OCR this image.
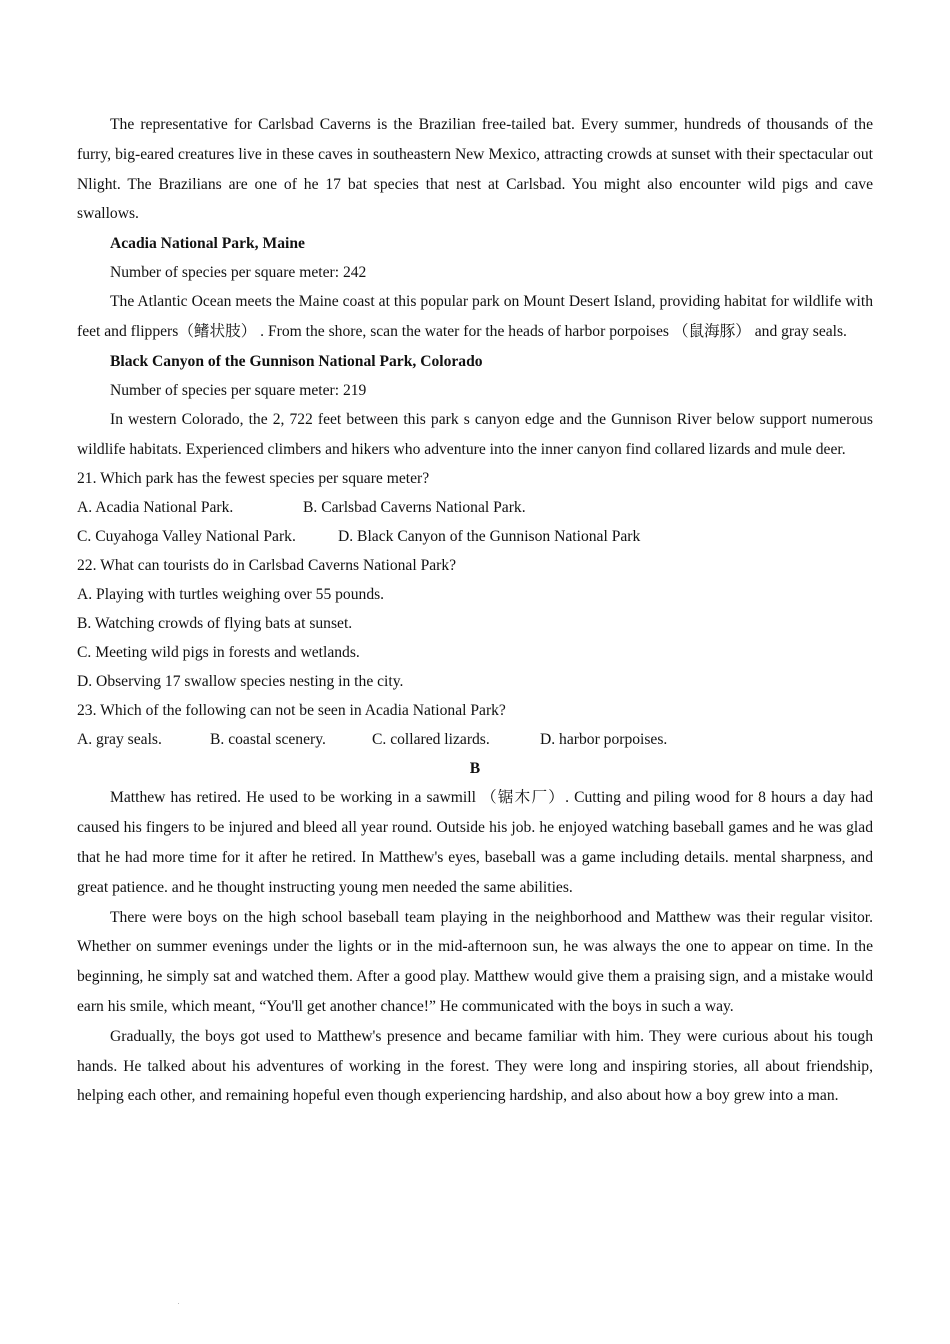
The representative for Carlsbad Caverns is the Brazilian free-tailed bat. Every summer, hundreds of thousands of the furry, big-eared creatures live in these caves in southeastern New Mexico, attracting crowds at sunset with their spectacular out Nlight. The Brazilians are one of he 17 bat species that nest at Carlsbad. You might also encounter wild pigs and cave swallows.

Acadia National Park, Maine

Number of species per square meter: 242

The Atlantic Ocean meets the Maine coast at this popular park on Mount Desert Island, providing habitat for wildlife with feet and flippers（鳍状肢） . From the shore, scan the water for the heads of harbor porpoises （鼠海豚） and gray seals.

Black Canyon of the Gunnison National Park, Colorado

Number of species per square meter: 219

In western Colorado, the 2, 722 feet between this park s canyon edge and the Gunnison River below support numerous wildlife habitats. Experienced climbers and hikers who adventure into the inner canyon find collared lizards and mule deer.

21. Which park has the fewest species per square meter?

A. Acadia National Park.	B. Carlsbad Caverns National Park.

C. Cuyahoga Valley National Park.	D. Black Canyon of the Gunnison National Park

22. What can tourists do in Carlsbad Caverns National Park?

A. Playing with turtles weighing over 55 pounds.

B. Watching crowds of flying bats at sunset.

C. Meeting wild pigs in forests and wetlands.

D. Observing 17 swallow species nesting in the city.

23. Which of the following can not be seen in Acadia National Park?

A. gray seals.	B. coastal scenery.	C. collared lizards.	D. harbor porpoises.

B

Matthew has retired. He used to be working in a sawmill （锯木厂）. Cutting and piling wood for 8 hours a day had caused his fingers to be injured and bleed all year round. Outside his job. he enjoyed watching baseball games and he was glad that he had more time for it after he retired. In Matthew's eyes, baseball was a game including details. mental sharpness, and great patience. and he thought instructing young men needed the same abilities.

There were boys on the high school baseball team playing in the neighborhood and Matthew was their regular visitor. Whether on summer evenings under the lights or in the mid-afternoon sun, he was always the one to appear on time. In the beginning, he simply sat and watched them. After a good play. Matthew would give them a praising sign, and a mistake would earn his smile, which meant, “You'll get another chance!” He communicated with the boys in such a way.

Gradually, the boys got used to Matthew's presence and became familiar with him. They were curious about his tough hands. He talked about his adventures of working in the forest. They were long and inspiring stories, all about friendship, helping each other, and remaining hopeful even though experiencing hardship, and also about how a boy grew into a man.
